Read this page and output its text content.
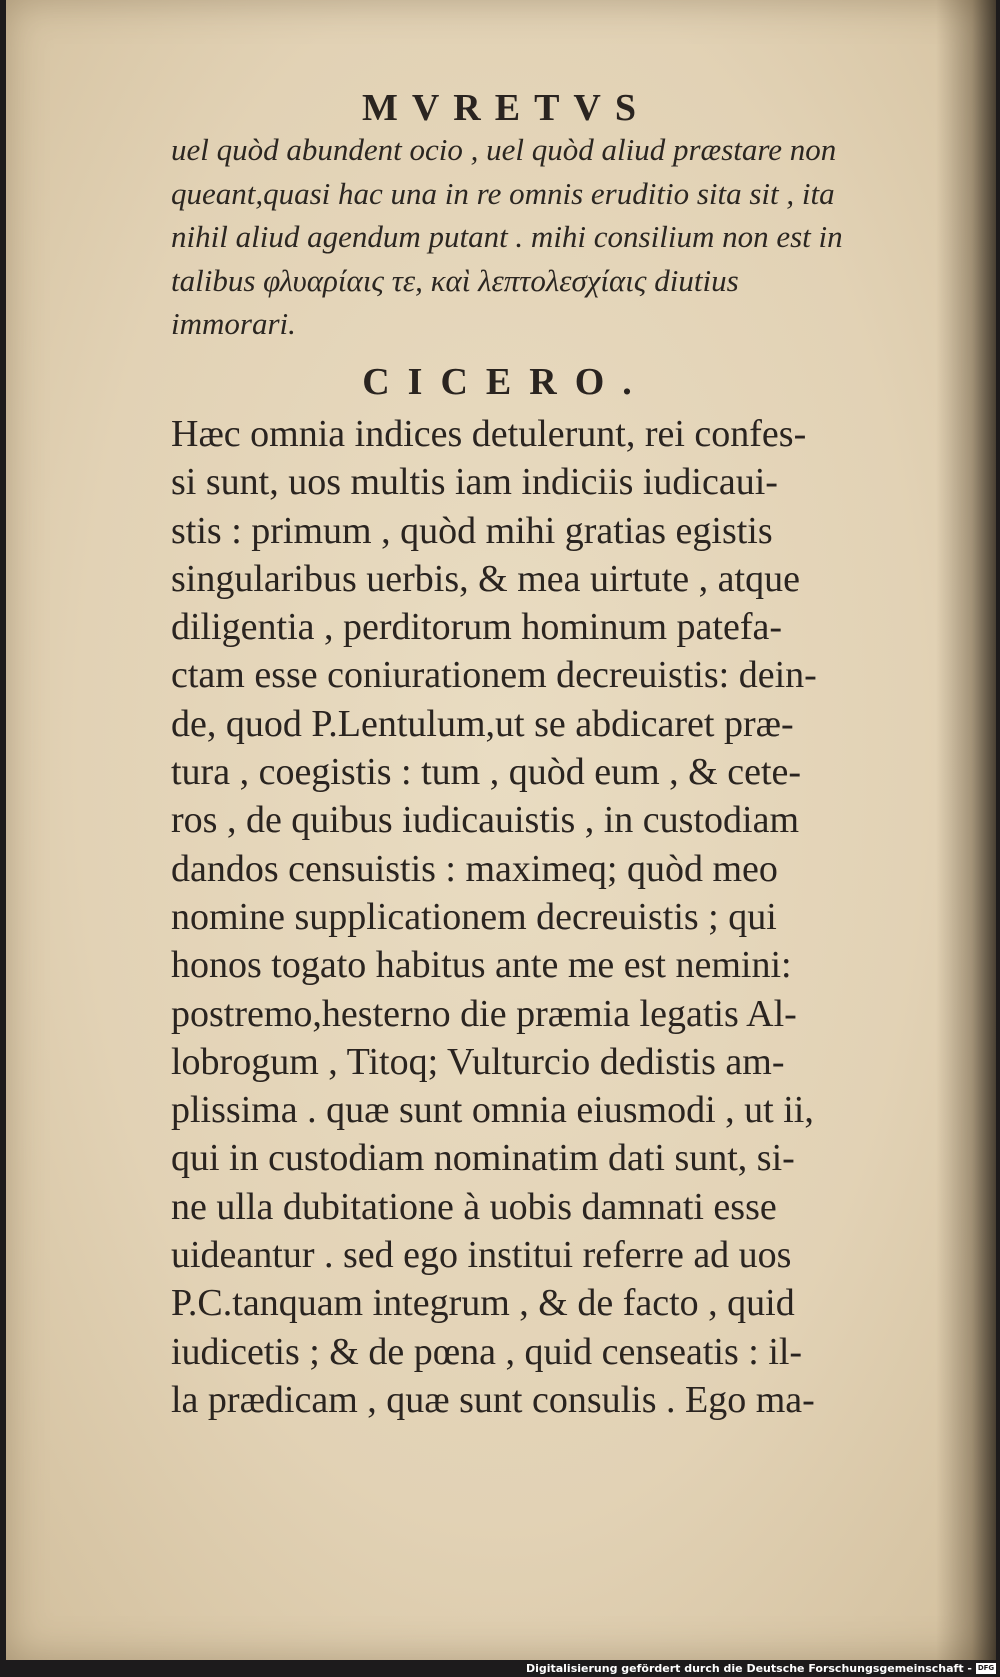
MVRETVS
uel quòd abundent ocio , uel quòd aliud præstare non
queant,quasi hac una in re omnis eruditio sita sit , ita
nihil aliud agendum putant . mihi consilium non est in
talibus φλυαρίαις τε, καὶ λεπτολεσχίαις diutius
immorari.
CICERO.
Hæc omnia indices detulerunt, rei confes-
si sunt, uos multis iam indiciis iudicaui-
stis : primum , quòd mihi gratias egistis
singularibus uerbis, & mea uirtute , atque
diligentia , perditorum hominum patefa-
ctam esse coniurationem decreuistis: dein-
de, quod P.Lentulum,ut se abdicaret præ-
tura , coegistis : tum , quòd eum , & cete-
ros , de quibus iudicauistis , in custodiam
dandos censuistis : maximeq; quòd meo
nomine supplicationem decreuistis ; qui
honos togato habitus ante me est nemini:
postremo,hesterno die præmia legatis Al-
lobrogum , Titoq; Vulturcio dedistis am-
plissima . quæ sunt omnia eiusmodi , ut ii,
qui in custodiam nominatim dati sunt, si-
ne ulla dubitatione à uobis damnati esse
uideantur . sed ego institui referre ad uos
P.C.tanquam integrum , & de facto , quid
iudicetis ; & de pœna , quid censeatis : il-
la prædicam , quæ sunt consulis . Ego ma-
Digitalisierung gefördert durch die Deutsche Forschungsgemeinschaft - DFG
